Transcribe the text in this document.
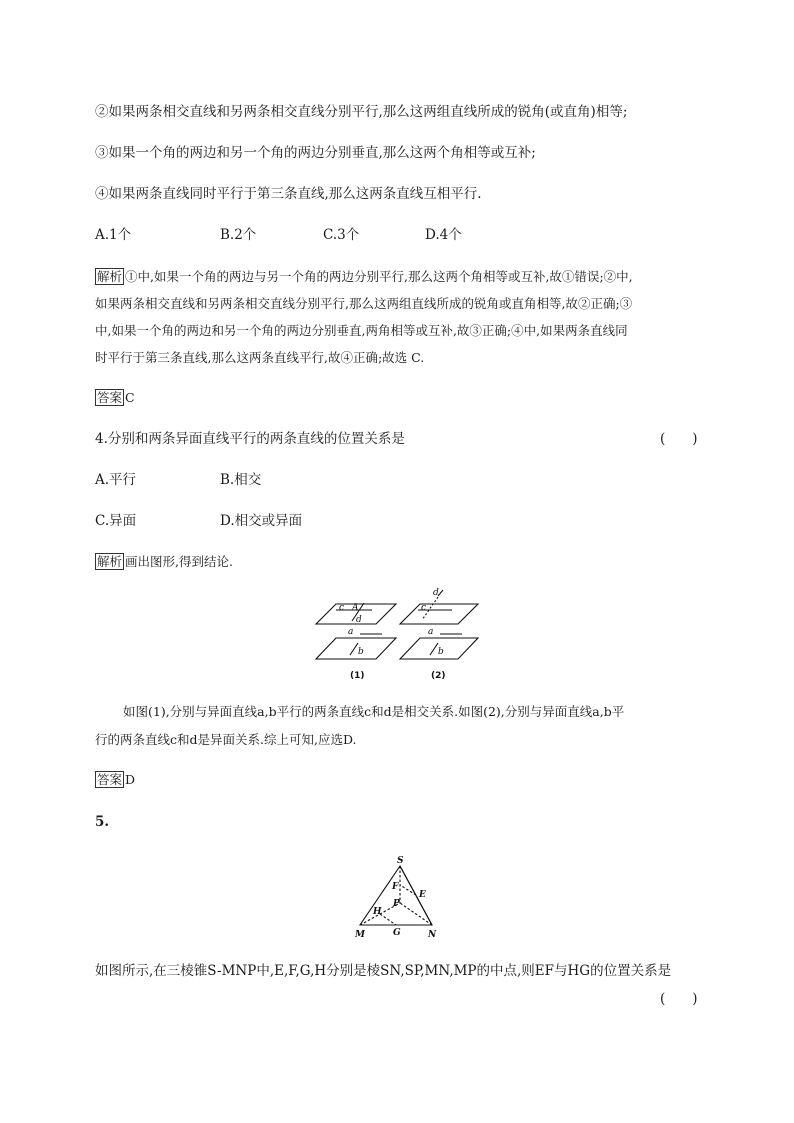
②如果两条相交直线和另两条相交直线分别平行,那么这两组直线所成的锐角(或直角)相等;
③如果一个角的两边和另一个角的两边分别垂直,那么这两个角相等或互补;
④如果两条直线同时平行于第三条直线,那么这两条直线互相平行.
A.1个	B.2个	C.3个	D.4个
解析 ①中,如果一个角的两边与另一个角的两边分别平行,那么这两个角相等或互补,故①错误;②中,
如果两条相交直线和另两条相交直线分别平行,那么这两组直线所成的锐角或直角相等,故②正确;③
中,如果一个角的两边和另一个角的两边分别垂直,两角相等或互补,故③正确;④中,如果两条直线同
时平行于第三条直线,那么这两条直线平行,故④正确;故选 C.
答案 C
4.分别和两条异面直线平行的两条直线的位置关系是	(　　)
A.平行	B.相交
C.异面	D.相交或异面
解析 画出图形,得到结论.
c A
d
a
b
(1)
c
d
a
b
(2)
S
F
E
P
H
M	G	N
如图(1),分别与异面直线a,b平行的两条直线c和d是相交关系.如图(2),分别与异面直线a,b平
行的两条直线c和d是异面关系.综上可知,应选D.
答案 D
5.
如图所示,在三棱锥S-MNP中,E,F,G,H分别是棱SN,SP,MN,MP的中点,则EF与HG的位置关系是
(　　)
